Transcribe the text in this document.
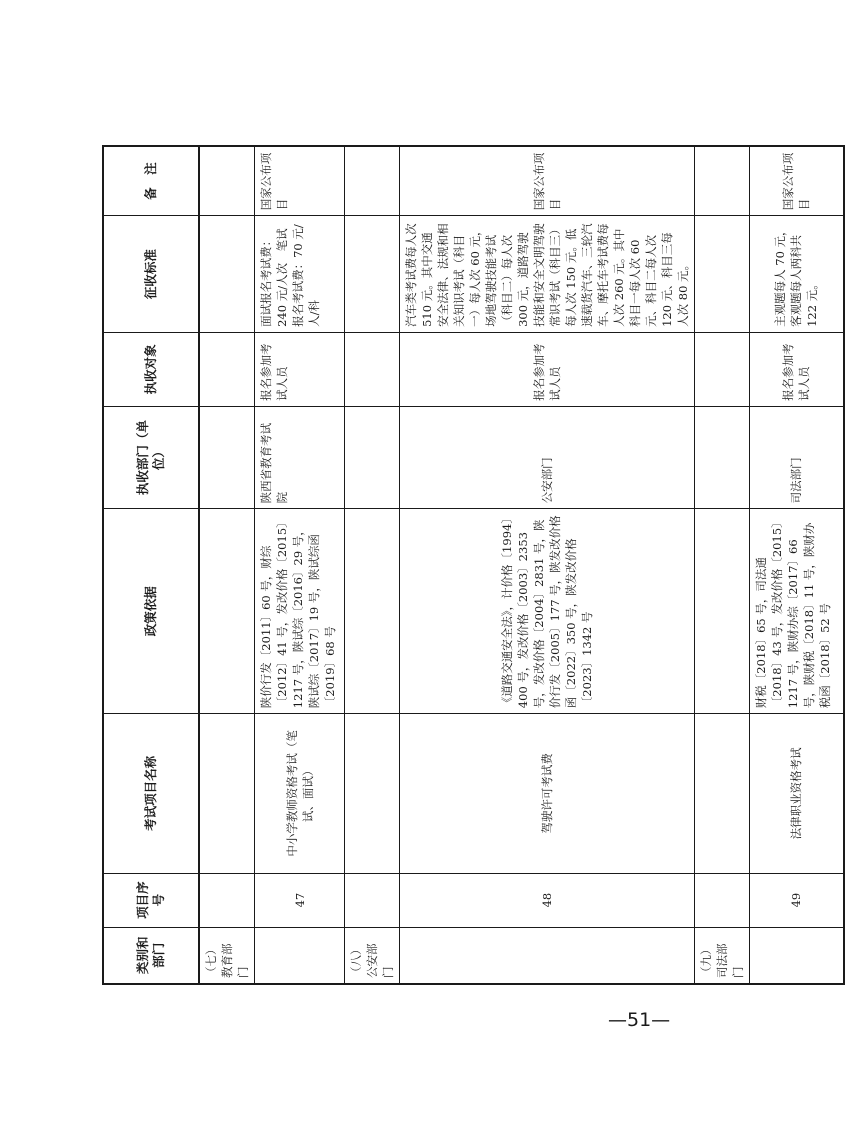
类别和部门	项目序号	考试项目名称	政策依据	执收部门（单位）	执收对象	征收标准	备　注
（七）教育部门							
	47	中小学教师资格考试（笔试、面试）	陕价行发〔2011〕60 号，财综〔2012〕41 号，发改价格〔2015〕1217 号，陕试综〔2016〕29 号，陕试综〔2017〕19 号，陕试综函〔2019〕68 号	陕西省教育考试院	报名参加考试人员	面试报名考试费：240 元/人次　笔试报名考试费：70 元/人/科	国家公布项目
（八）公安部门							
	48	驾驶许可考试费	《道路交通安全法》，计价格〔1994〕400 号，发改价格〔2003〕2353 号，发改价格〔2004〕2831 号，陕价行发〔2005〕177 号，陕发改价格函〔2022〕350 号，陕发改价格〔2023〕1342 号	公安部门	报名参加考试人员	汽车类考试费每人次 510 元。其中交通安全法律、法规和相关知识考试（科目一）每人次 60 元，场地驾驶技能考试（科目二）每人次 300 元，道路驾驶技能和安全文明驾驶常识考试（科目三）每人次 150 元。低速载货汽车、三轮汽车、摩托车考试费每人次 260 元。其中科目一每人次 60 元、科目二每人次 120 元、科目三每人次 80 元。	国家公布项目
（九）司法部门							
	49	法律职业资格考试	财税〔2018〕65 号，司法通〔2018〕43 号，发改价格〔2015〕1217 号，陕财办综〔2017〕66 号，陕财税〔2018〕11 号，陕财办税函〔2018〕52 号	司法部门	报名参加考试人员	主观题每人 70 元，客观题每人两科共 122 元。	国家公布项目
—51—
